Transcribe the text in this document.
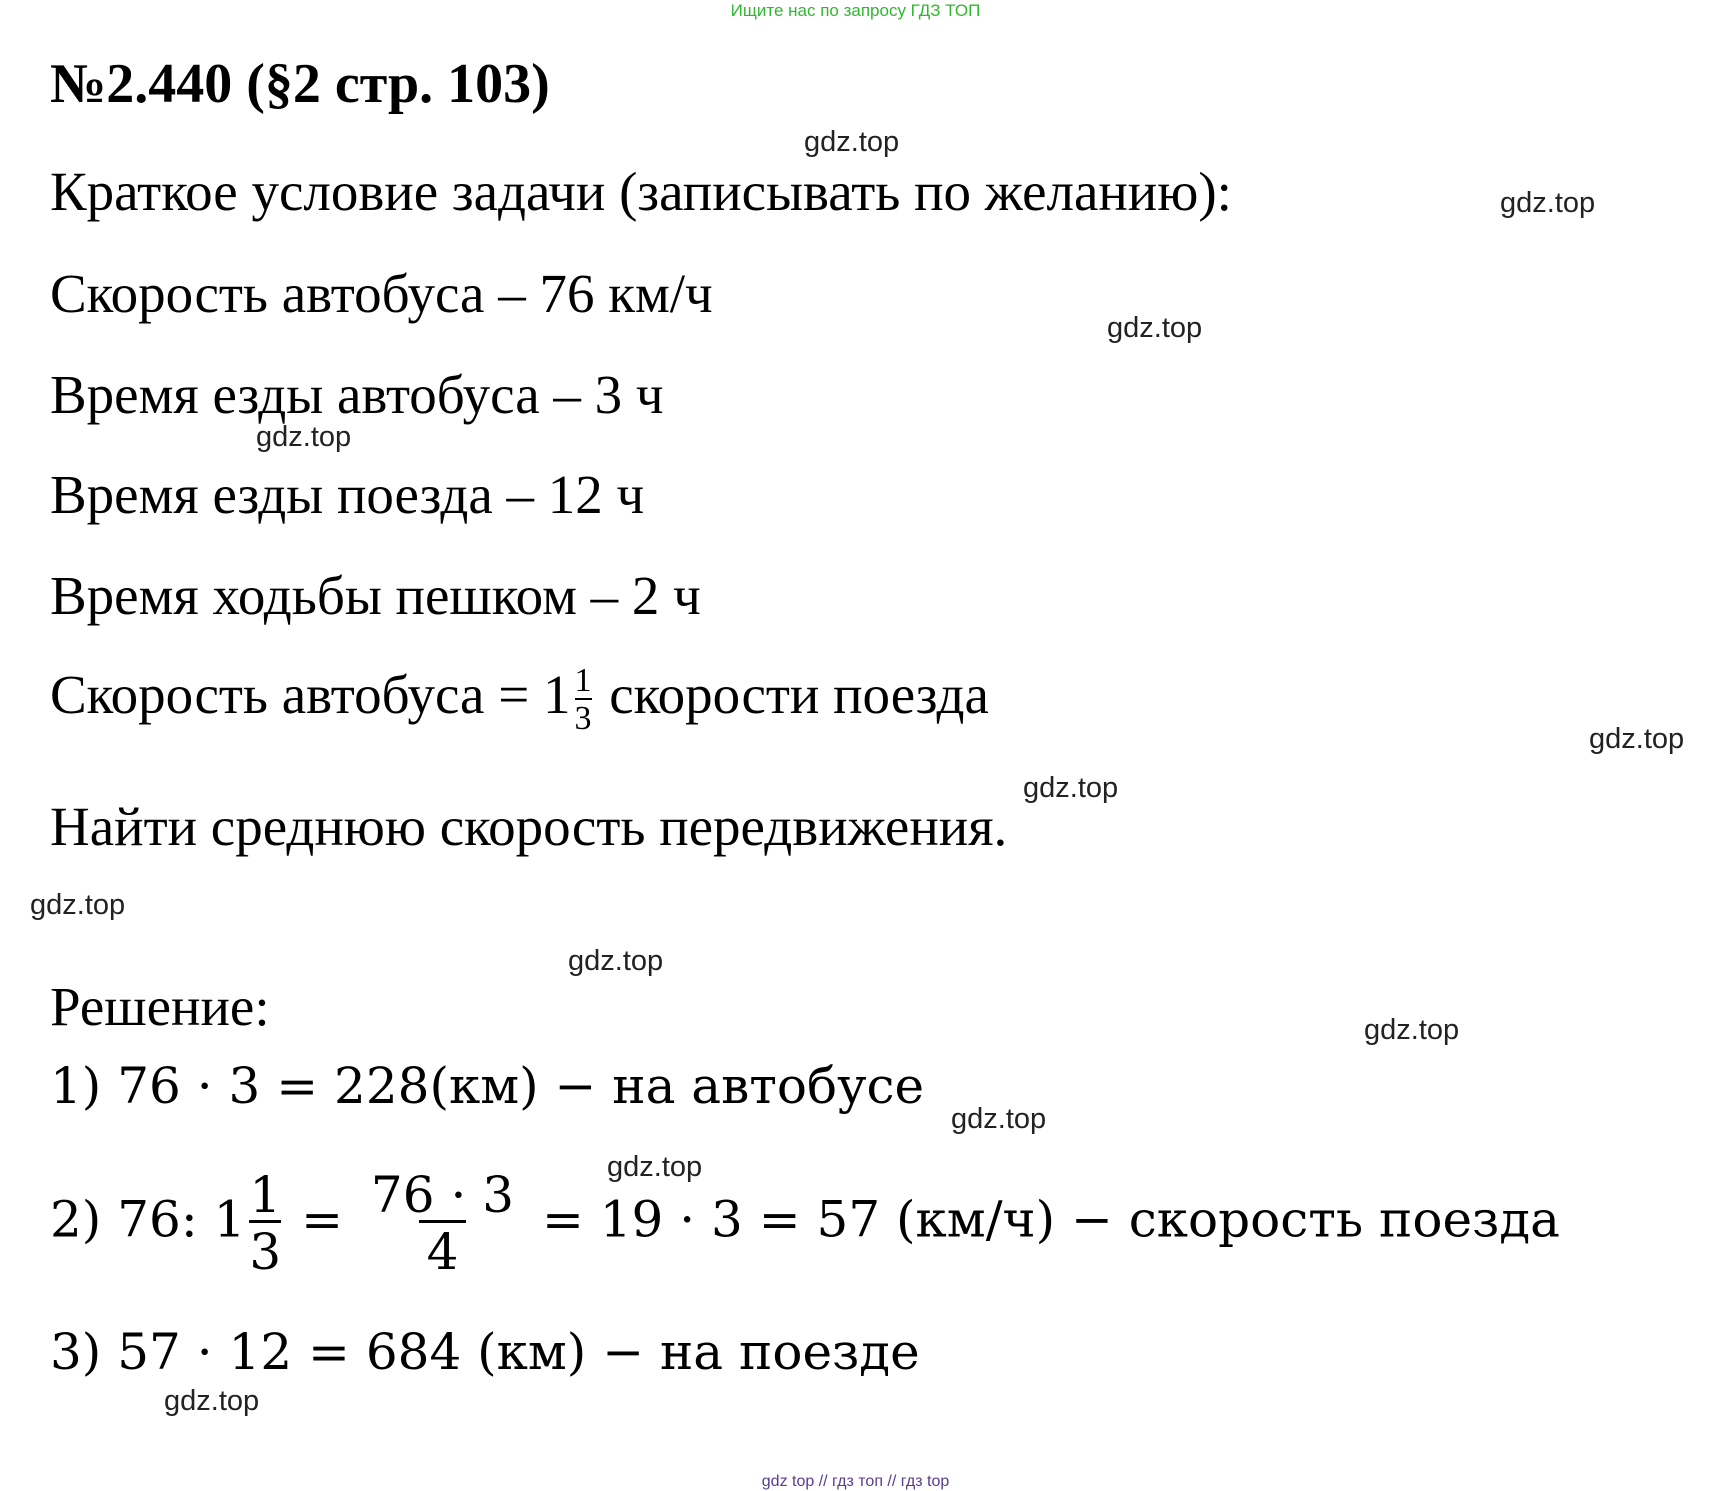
Ищите нас по запросу ГДЗ ТОП
№2.440 (§2 стр. 103)
Краткое условие задачи (записывать по желанию):
Скорость автобуса – 76 км/ч
Время езды автобуса – 3 ч
Время езды поезда – 12 ч
Время ходьбы пешком – 2 ч
Скорость автобуса = $1 \frac{1}{3}$ скорости поезда
Найти среднюю скорость передвижения.
Решение:
1) 76 · 3 = 228(км) − на автобусе
2) 76: $1 \frac{1}{3} = \frac{76 \cdot 3}{4} = 19 \cdot 3 = 57$ (км/ч) − скорость поезда
3) 57 · 12 = 684 (км) − на поезде
gdz.top
gdz.top
gdz.top
gdz.top
gdz.top
gdz.top
gdz.top
gdz.top
gdz.top
gdz.top
gdz.top
gdz.top
gdz top // гдз топ // гдз top
